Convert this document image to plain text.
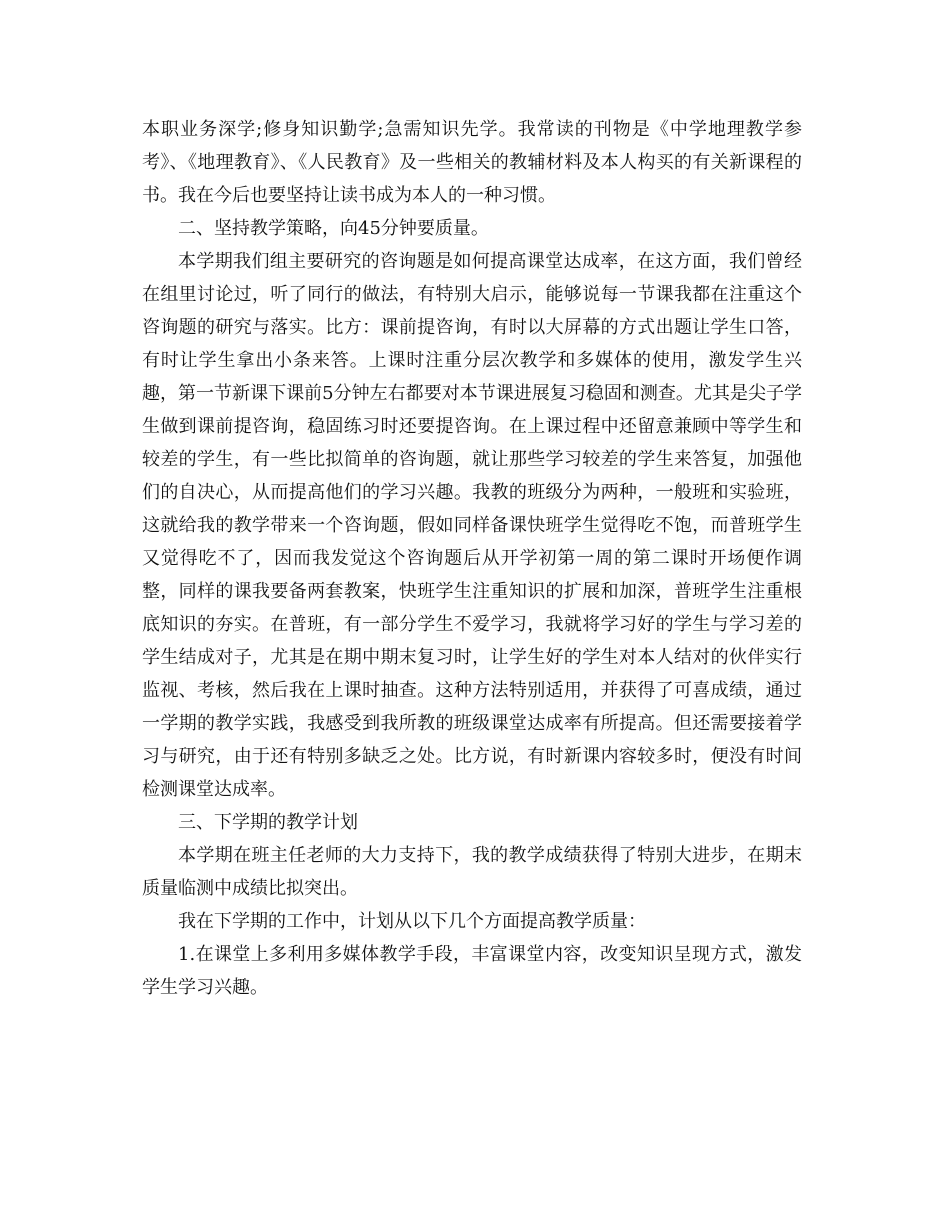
本职业务深学;修身知识勤学;急需知识先学。我常读的刊物是《中学地理教学参考》、《地理教育》、《人民教育》及一些相关的教辅材料及本人构买的有关新课程的书。我在今后也要坚持让读书成为本人的一种习惯。

二、坚持教学策略，向45分钟要质量。

本学期我们组主要研究的咨询题是如何提高课堂达成率，在这方面，我们曾经在组里讨论过，听了同行的做法，有特别大启示，能够说每一节课我都在注重这个咨询题的研究与落实。比方：课前提咨询，有时以大屏幕的方式出题让学生口答，有时让学生拿出小条来答。上课时注重分层次教学和多媒体的使用，激发学生兴趣，第一节新课下课前5分钟左右都要对本节课进展复习稳固和测查。尤其是尖子学生做到课前提咨询，稳固练习时还要提咨询。在上课过程中还留意兼顾中等学生和较差的学生，有一些比拟简单的咨询题，就让那些学习较差的学生来答复，加强他们的自决心，从而提高他们的学习兴趣。我教的班级分为两种，一般班和实验班，这就给我的教学带来一个咨询题，假如同样备课快班学生觉得吃不饱，而普班学生又觉得吃不了，因而我发觉这个咨询题后从开学初第一周的第二课时开场便作调整，同样的课我要备两套教案，快班学生注重知识的扩展和加深，普班学生注重根底知识的夯实。在普班，有一部分学生不爱学习，我就将学习好的学生与学习差的学生结成对子，尤其是在期中期末复习时，让学生好的学生对本人结对的伙伴实行监视、考核，然后我在上课时抽查。这种方法特别适用，并获得了可喜成绩，通过一学期的教学实践，我感受到我所教的班级课堂达成率有所提高。但还需要接着学习与研究，由于还有特别多缺乏之处。比方说，有时新课内容较多时，便没有时间检测课堂达成率。

三、下学期的教学计划

本学期在班主任老师的大力支持下，我的教学成绩获得了特别大进步，在期末质量临测中成绩比拟突出。

我在下学期的工作中，计划从以下几个方面提高教学质量：

1.在课堂上多利用多媒体教学手段，丰富课堂内容，改变知识呈现方式，激发学生学习兴趣。
